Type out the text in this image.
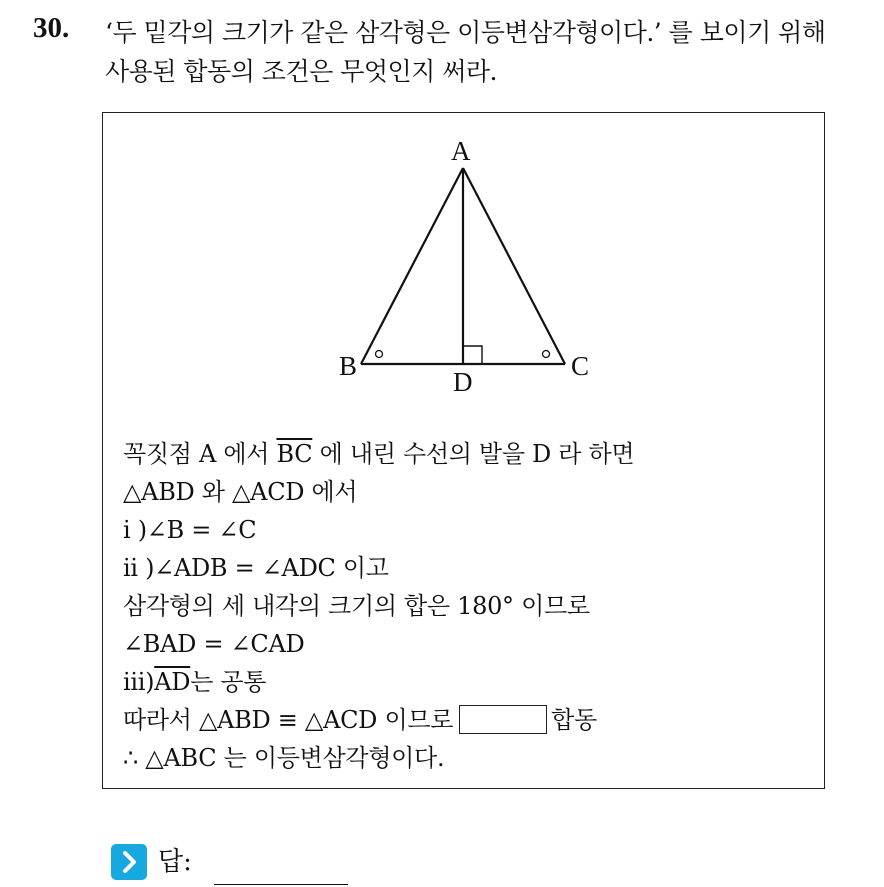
30. ‘두 밑각의 크기가 같은 삼각형은 이등변삼각형이다.’ 를 보이기 위해
사용된 합동의 조건은 무엇인지 써라.
A
B	C
D
꼭짓점 A 에서 $\overline{BC}$ 에 내린 수선의 발을 D 라 하면
△ABD 와 △ACD 에서
i )∠B = ∠C
ii )∠ADB = ∠ADC 이고
삼각형의 세 내각의 크기의 합은 180° 이므로
∠BAD = ∠CAD
$iii)\overline{AD}$는 공통
따라서 △ABD ≡ △ACD 이므로	합동
∴ △ABC 는 이등변삼각형이다.
답:
